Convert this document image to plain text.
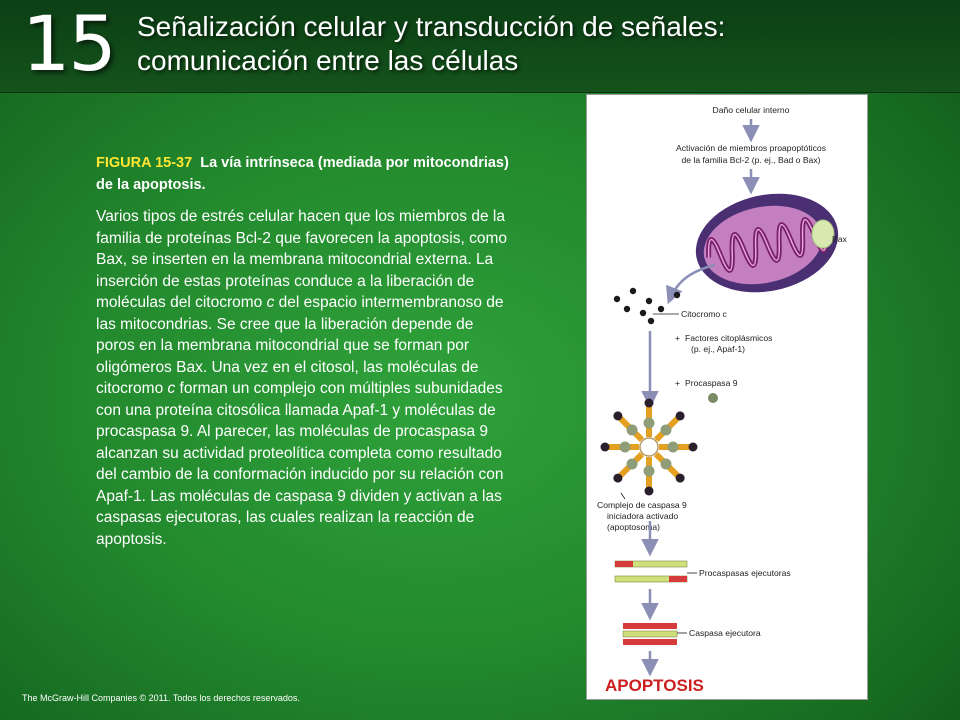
15 Señalización celular y transducción de señales:
comunicación entre las células

FIGURA 15-37 La vía intrínseca (mediada por mitocondrias) de la apoptosis.

Varios tipos de estrés celular hacen que los miembros de la familia de proteínas Bcl-2 que favorecen la apoptosis, como Bax, se inserten en la membrana mitocondrial externa. La inserción de estas proteínas conduce a la liberación de moléculas del citocromo c del espacio intermembranoso de las mitocondrias. Se cree que la liberación depende de poros en la membrana mitocondrial que se forman por oligómeros Bax. Una vez en el citosol, las moléculas de citocromo c forman un complejo con múltiples subunidades con una proteína citosólica llamada Apaf-1 y moléculas de procaspasa 9. Al parecer, las moléculas de procaspasa 9 alcanzan su actividad proteolítica completa como resultado del cambio de la conformación inducido por su relación con Apaf-1. Las moléculas de caspasa 9 dividen y activan a las caspasas ejecutoras, las cuales realizan la reacción de apoptosis.

The McGraw-Hill Companies © 2011. Todos los derechos reservados.
Daño celular interno
Activación de miembros proapoptóticos
de la familia Bcl-2 (p. ej., Bad o Bax)
Bax
Citocromo c
+ Factores citoplásmicos
(p. ej., Apaf-1)
+ Procaspasa 9
Complejo de caspasa 9
iniciadora activado
(apoptosoma)
Procaspasas ejecutoras
Caspasa ejecutora
APOPTOSIS
